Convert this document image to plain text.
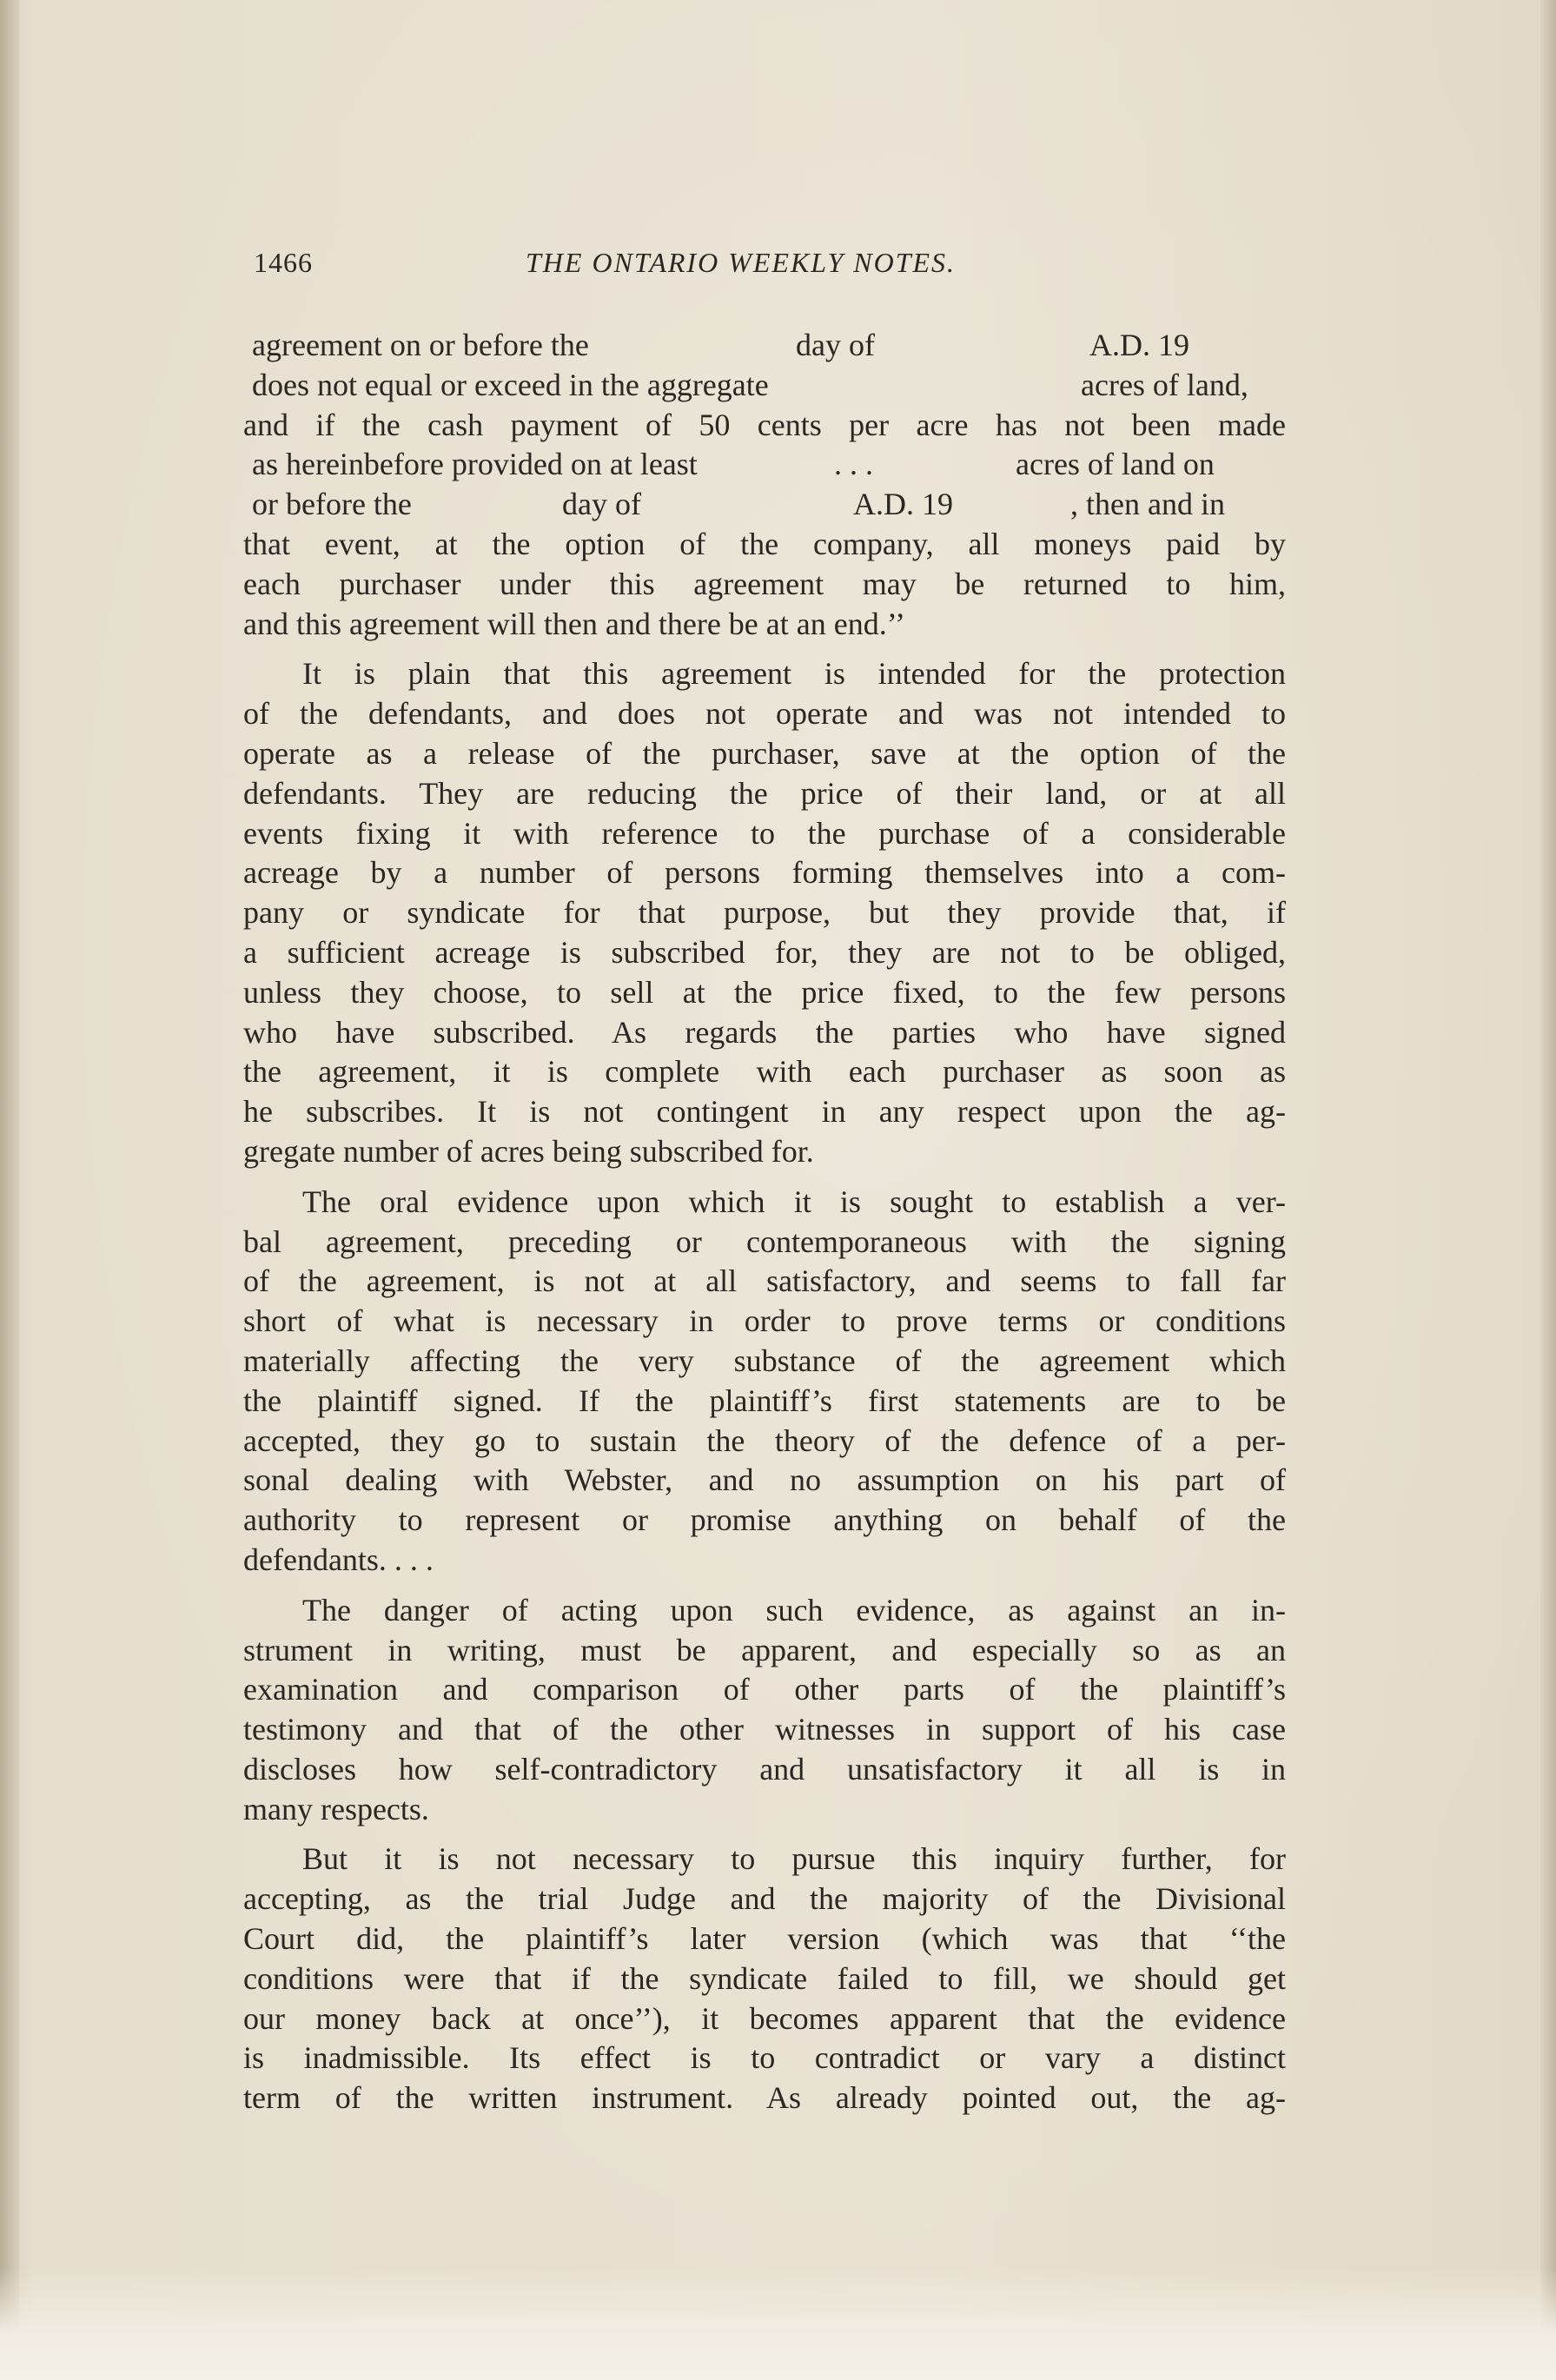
1466	THE ONTARIO WEEKLY NOTES.

agreement on or before the	day of	A.D. 19
does not equal or exceed in the aggregate	acres of land,
and if the cash payment of 50 cents per acre has not been made
as hereinbefore provided on at least	. . .	acres of land on
or before the	day of	A.D. 19	, then and in
that event, at the option of the company, all moneys paid by
each purchaser under this agreement may be returned to him,
and this agreement will then and there be at an end.’’

It is plain that this agreement is intended for the protection
of the defendants, and does not operate and was not intended to
operate as a release of the purchaser, save at the option of the
defendants. They are reducing the price of their land, or at all
events fixing it with reference to the purchase of a considerable
acreage by a number of persons forming themselves into a com-
pany or syndicate for that purpose, but they provide that, if
a sufficient acreage is subscribed for, they are not to be obliged,
unless they choose, to sell at the price fixed, to the few persons
who have subscribed. As regards the parties who have signed
the agreement, it is complete with each purchaser as soon as
he subscribes. It is not contingent in any respect upon the ag-
gregate number of acres being subscribed for.

The oral evidence upon which it is sought to establish a ver-
bal agreement, preceding or contemporaneous with the signing
of the agreement, is not at all satisfactory, and seems to fall far
short of what is necessary in order to prove terms or conditions
materially affecting the very substance of the agreement which
the plaintiff signed. If the plaintiff’s first statements are to be
accepted, they go to sustain the theory of the defence of a per-
sonal dealing with Webster, and no assumption on his part of
authority to represent or promise anything on behalf of the
defendants. . . .

The danger of acting upon such evidence, as against an in-
strument in writing, must be apparent, and especially so as an
examination and comparison of other parts of the plaintiff’s
testimony and that of the other witnesses in support of his case
discloses how self-contradictory and unsatisfactory it all is in
many respects.

But it is not necessary to pursue this inquiry further, for
accepting, as the trial Judge and the majority of the Divisional
Court did, the plaintiff’s later version (which was that ‘‘the
conditions were that if the syndicate failed to fill, we should get
our money back at once’’), it becomes apparent that the evidence
is inadmissible. Its effect is to contradict or vary a distinct
term of the written instrument. As already pointed out, the ag-
